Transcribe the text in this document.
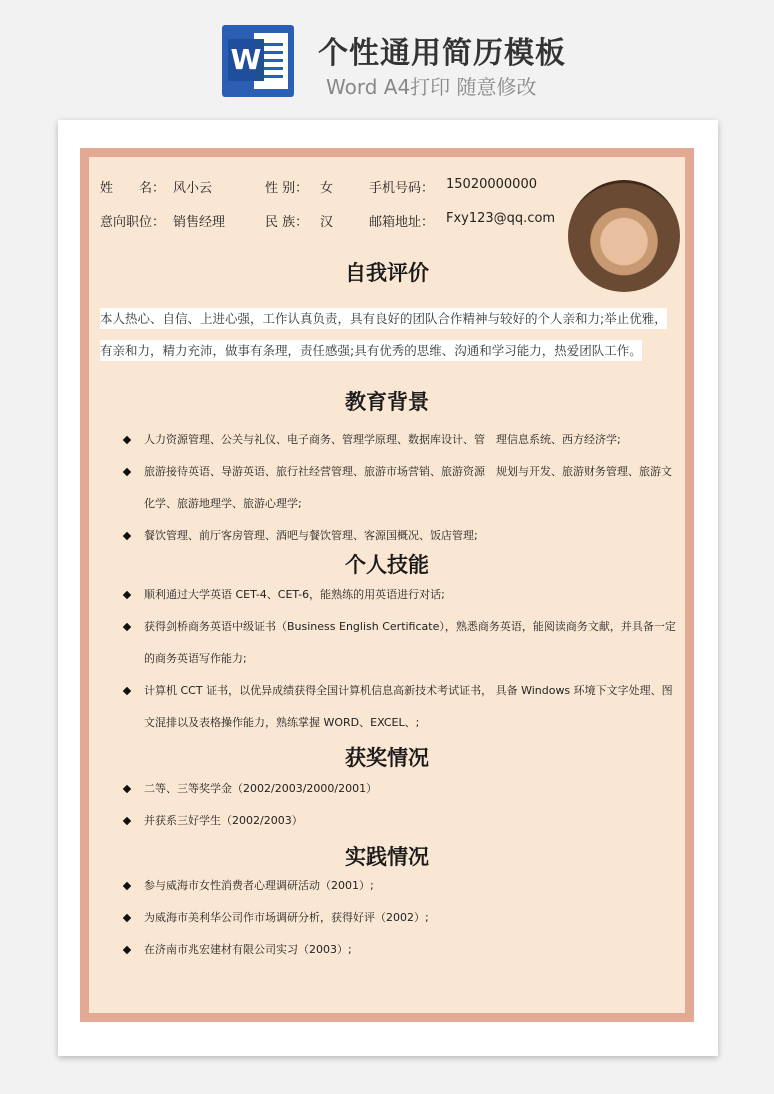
W 个性通用简历模板
Word A4打印 随意修改
姓　　名： 风小云	性 别： 女	手机号码： 15020000000
意向职位： 销售经理	民 族： 汉	邮箱地址： Fxy123@qq.com
自我评价
本人热心、自信、上进心强，工作认真负责，具有良好的团队合作精神与较好的个人亲和力;举止优雅，有亲和力，精力充沛，做事有条理，责任感强;具有优秀的思维、沟通和学习能力，热爱团队工作。
教育背景
人力资源管理、公关与礼仪、电子商务、管理学原理、数据库设计、管　理信息系统、西方经济学;
旅游接待英语、导游英语、旅行社经营管理、旅游市场营销、旅游资源　规划与开发、旅游财务管理、旅游文化学、旅游地理学、旅游心理学;
餐饮管理、前厅客房管理、酒吧与餐饮管理、客源国概况、饭店管理;
个人技能
顺利通过大学英语 CET-4、CET-6，能熟练的用英语进行对话;
获得剑桥商务英语中级证书（Business English Certificate），熟悉商务英语，能阅读商务文献，并具备一定的商务英语写作能力;
计算机 CCT 证书，以优异成绩获得全国计算机信息高新技术考试证书， 具备 Windows 环境下文字处理、图文混排以及表格操作能力，熟练掌握 WORD、EXCEL、;
获奖情况
二等、三等奖学金（2002/2003/2000/2001）
并获系三好学生（2002/2003）
实践情况
参与威海市女性消费者心理调研活动（2001）;
为威海市美利华公司作市场调研分析，获得好评（2002）;
在济南市兆宏建材有限公司实习（2003）;
